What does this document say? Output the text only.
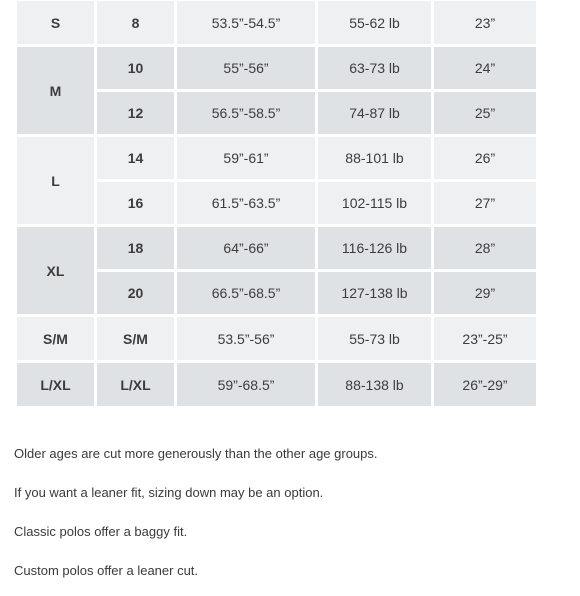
S	8	53.5”-54.5”	55-62 lb	23”
M	10	55”-56”	63-73 lb	24”
	12	56.5”-58.5”	74-87 lb	25”
L	14	59”-61”	88-101 lb	26”
	16	61.5”-63.5”	102-115 lb	27”
XL	18	64”-66”	116-126 lb	28”
	20	66.5”-68.5”	127-138 lb	29”
S/M	S/M	53.5”-56”	55-73 lb	23”-25”
L/XL	L/XL	59”-68.5”	88-138 lb	26”-29”

Older ages are cut more generously than the other age groups.

If you want a leaner fit, sizing down may be an option.

Classic polos offer a baggy fit.

Custom polos offer a leaner cut.
